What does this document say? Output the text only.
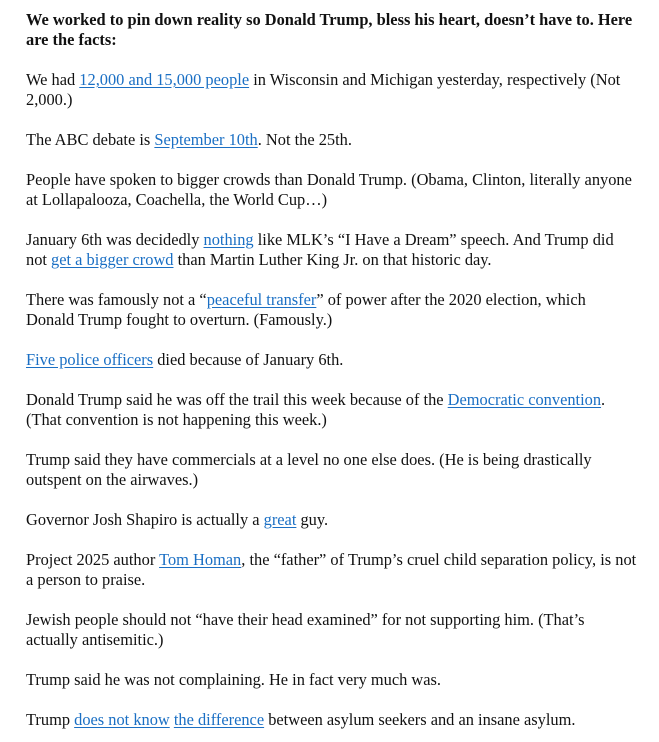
We worked to pin down reality so Donald Trump, bless his heart, doesn’t have to. Here are the facts:

We had 12,000 and 15,000 people in Wisconsin and Michigan yesterday, respectively (Not 2,000.)

The ABC debate is September 10th. Not the 25th.

People have spoken to bigger crowds than Donald Trump. (Obama, Clinton, literally anyone at Lollapalooza, Coachella, the World Cup…)

January 6th was decidedly nothing like MLK’s “I Have a Dream” speech. And Trump did not get a bigger crowd than Martin Luther King Jr. on that historic day.

There was famously not a “peaceful transfer” of power after the 2020 election, which Donald Trump fought to overturn. (Famously.)

Five police officers died because of January 6th.

Donald Trump said he was off the trail this week because of the Democratic convention. (That convention is not happening this week.)

Trump said they have commercials at a level no one else does. (He is being drastically outspent on the airwaves.)

Governor Josh Shapiro is actually a great guy.

Project 2025 author Tom Homan, the “father” of Trump’s cruel child separation policy, is not a person to praise.

Jewish people should not “have their head examined” for not supporting him. (That’s actually antisemitic.)

Trump said he was not complaining. He in fact very much was.

Trump does not know the difference between asylum seekers and an insane asylum.
